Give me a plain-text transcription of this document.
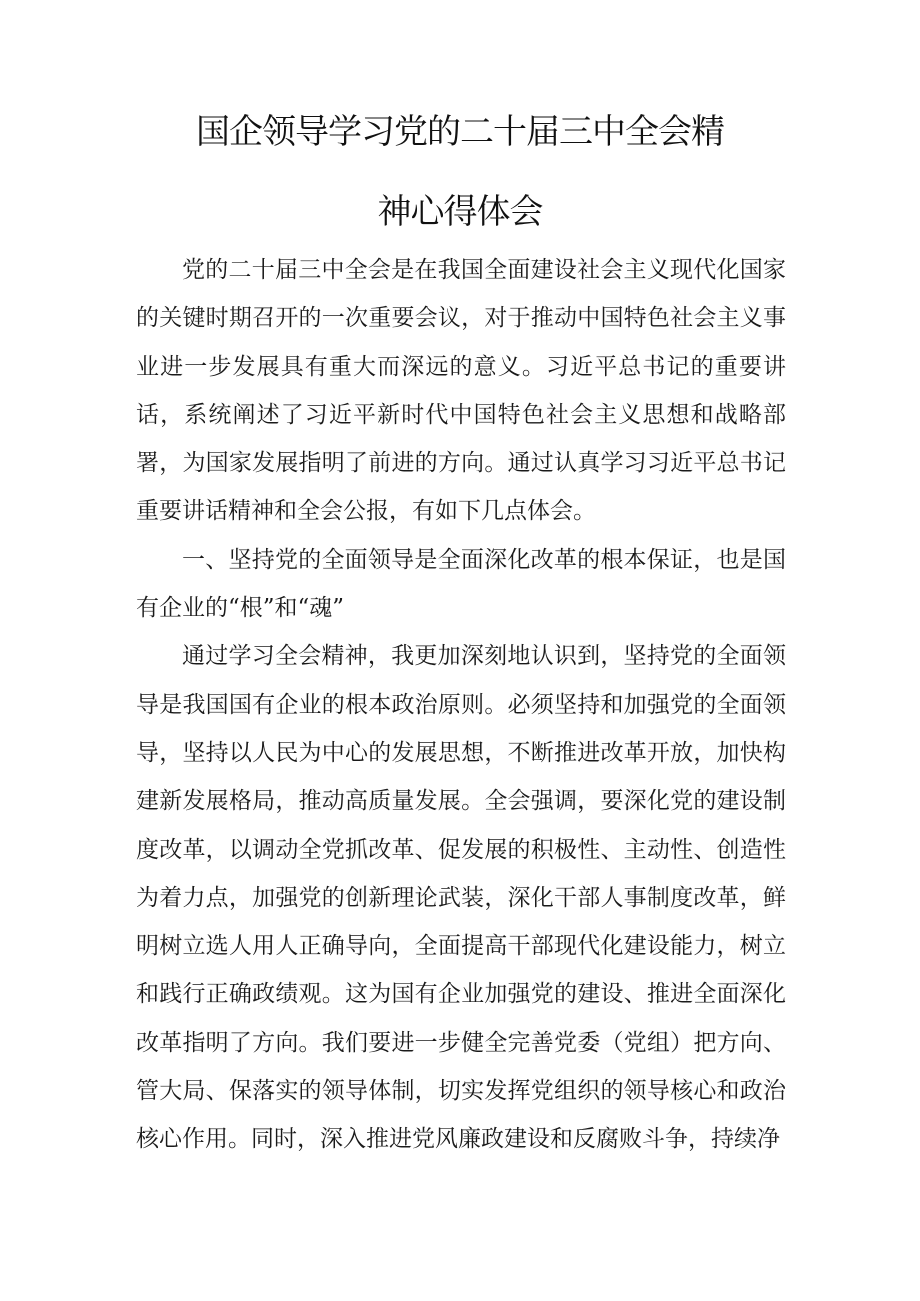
国企领导学习党的二十届三中全会精
神心得体会

党的二十届三中全会是在我国全面建设社会主义现代化国家的关键时期召开的一次重要会议，对于推动中国特色社会主义事业进一步发展具有重大而深远的意义。习近平总书记的重要讲话，系统阐述了习近平新时代中国特色社会主义思想和战略部署，为国家发展指明了前进的方向。通过认真学习习近平总书记重要讲话精神和全会公报，有如下几点体会。

一、坚持党的全面领导是全面深化改革的根本保证，也是国有企业的“根”和“魂”

通过学习全会精神，我更加深刻地认识到，坚持党的全面领导是我国国有企业的根本政治原则。必须坚持和加强党的全面领导，坚持以人民为中心的发展思想，不断推进改革开放，加快构建新发展格局，推动高质量发展。全会强调，要深化党的建设制度改革，以调动全党抓改革、促发展的积极性、主动性、创造性为着力点，加强党的创新理论武装，深化干部人事制度改革，鲜明树立选人用人正确导向，全面提高干部现代化建设能力，树立和践行正确政绩观。这为国有企业加强党的建设、推进全面深化改革指明了方向。我们要进一步健全完善党委（党组）把方向、管大局、保落实的领导体制，切实发挥党组织的领导核心和政治核心作用。同时，深入推进党风廉政建设和反腐败斗争，持续净
